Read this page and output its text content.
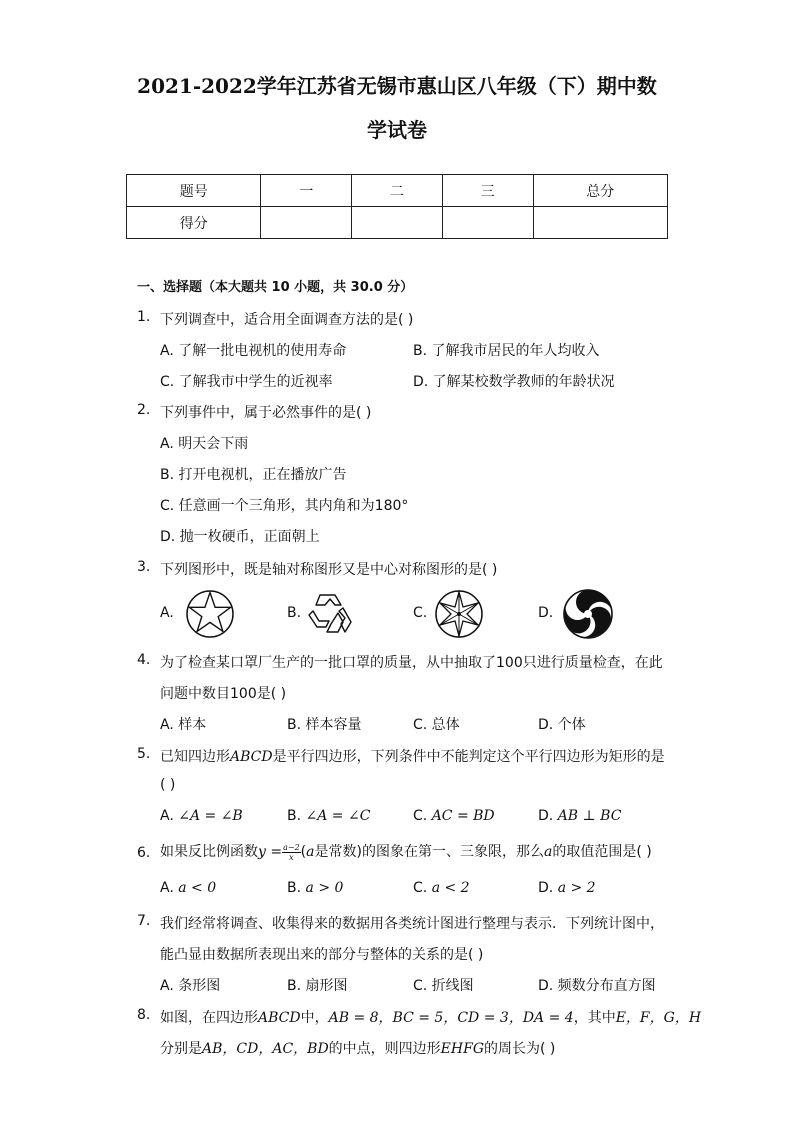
2021-2022学年江苏省无锡市惠山区八年级（下）期中数
学试卷
题号	一	二	三	总分
得分				
一、选择题（本大题共 10 小题，共 30.0 分）
1. 下列调查中，适合用全面调查方法的是( )
A. 了解一批电视机的使用寿命	B. 了解我市居民的年人均收入
C. 了解我市中学生的近视率	D. 了解某校数学教师的年龄状况
2. 下列事件中，属于必然事件的是( )
A. 明天会下雨
B. 打开电视机，正在播放广告
C. 任意画一个三角形，其内角和为180°
D. 抛一枚硬币，正面朝上
3. 下列图形中，既是轴对称图形又是中心对称图形的是( )
A.	B.	C.	D.
4. 为了检查某口罩厂生产的一批口罩的质量，从中抽取了100只进行质量检查，在此
问题中数目100是( )
A. 样本	B. 样本容量	C. 总体	D. 个体
5. 已知四边形ABCD是平行四边形，下列条件中不能判定这个平行四边形为矩形的是
( )
A. ∠A = ∠B	B. ∠A = ∠C	C. AC = BD	D. AB ⊥ BC
6. 如果反比例函数$y = \frac{a-2}{x} (a$是常数)的图象在第一、三象限，那么a的取值范围是( )
A. a < 0	B. a > 0	C. a < 2	D. a > 2
7. 我们经常将调查、收集得来的数据用各类统计图进行整理与表示．下列统计图中，
能凸显由数据所表现出来的部分与整体的关系的是( )
A. 条形图	B. 扇形图	C. 折线图	D. 频数分布直方图
8. 如图，在四边形ABCD中，AB = 8，BC = 5，CD = 3，DA = 4，其中E，F，G，H
分别是AB，CD，AC，BD的中点，则四边形EHFG的周长为( )
